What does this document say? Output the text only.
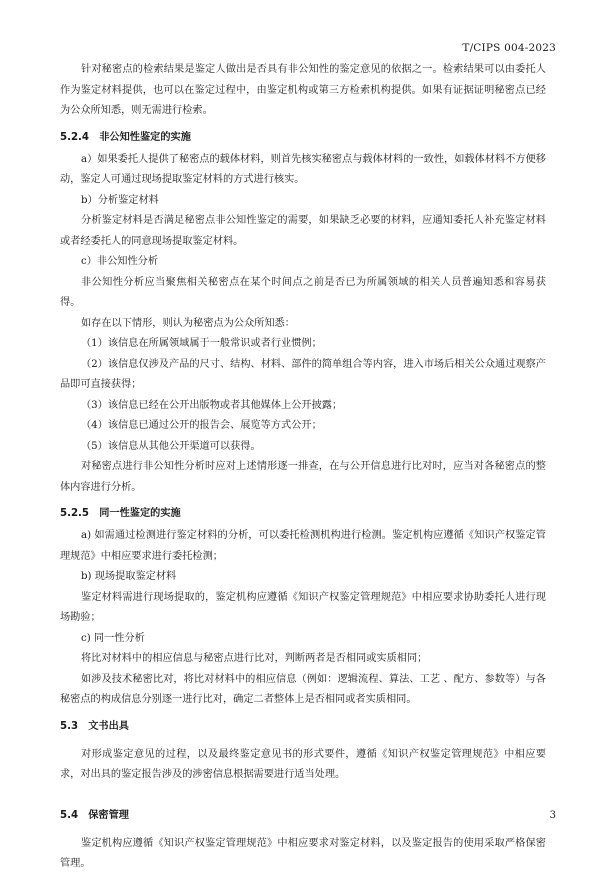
T/CIPS 004-2023

针对秘密点的检索结果是鉴定人做出是否具有非公知性的鉴定意见的依据之一。检索结果可以由委托人作为鉴定材料提供，也可以在鉴定过程中，由鉴定机构或第三方检索机构提供。如果有证据证明秘密点已经为公众所知悉，则无需进行检索。

5.2.4　非公知性鉴定的实施

a）如果委托人提供了秘密点的载体材料，则首先核实秘密点与载体材料的一致性，如载体材料不方便移动，鉴定人可通过现场提取鉴定材料的方式进行核实。

b）分析鉴定材料

分析鉴定材料是否满足秘密点非公知性鉴定的需要，如果缺乏必要的材料，应通知委托人补充鉴定材料或者经委托人的同意现场提取鉴定材料。

c）非公知性分析

非公知性分析应当聚焦相关秘密点在某个时间点之前是否已为所属领域的相关人员普遍知悉和容易获得。

如存在以下情形，则认为秘密点为公众所知悉：

（1）该信息在所属领域属于一般常识或者行业惯例；

（2）该信息仅涉及产品的尺寸、结构、材料、部件的简单组合等内容，进入市场后相关公众通过观察产品即可直接获得；

（3）该信息已经在公开出版物或者其他媒体上公开披露；

（4）该信息已通过公开的报告会、展览等方式公开；

（5）该信息从其他公开渠道可以获得。

对秘密点进行非公知性分析时应对上述情形逐一排查，在与公开信息进行比对时，应当对各秘密点的整体内容进行分析。

5.2.5　同一性鉴定的实施

a) 如需通过检测进行鉴定材料的分析，可以委托检测机构进行检测。鉴定机构应遵循《知识产权鉴定管理规范》中相应要求进行委托检测；

b) 现场提取鉴定材料

鉴定材料需进行现场提取的，鉴定机构应遵循《知识产权鉴定管理规范》中相应要求协助委托人进行现场勘验；

c) 同一性分析

将比对材料中的相应信息与秘密点进行比对，判断两者是否相同或实质相同；

如涉及技术秘密比对，将比对材料中的相应信息（例如：逻辑流程、算法、工艺 、配方、参数等）与各秘密点的构成信息分别逐一进行比对，确定二者整体上是否相同或者实质相同。

5.3　文书出具

对形成鉴定意见的过程，以及最终鉴定意见书的形式要件，遵循《知识产权鉴定管理规范》中相应要求，对出具的鉴定报告涉及的涉密信息根据需要进行适当处理。

5.4　保密管理

鉴定机构应遵循《知识产权鉴定管理规范》中相应要求对鉴定材料，以及鉴定报告的使用采取严格保密管理。

3
